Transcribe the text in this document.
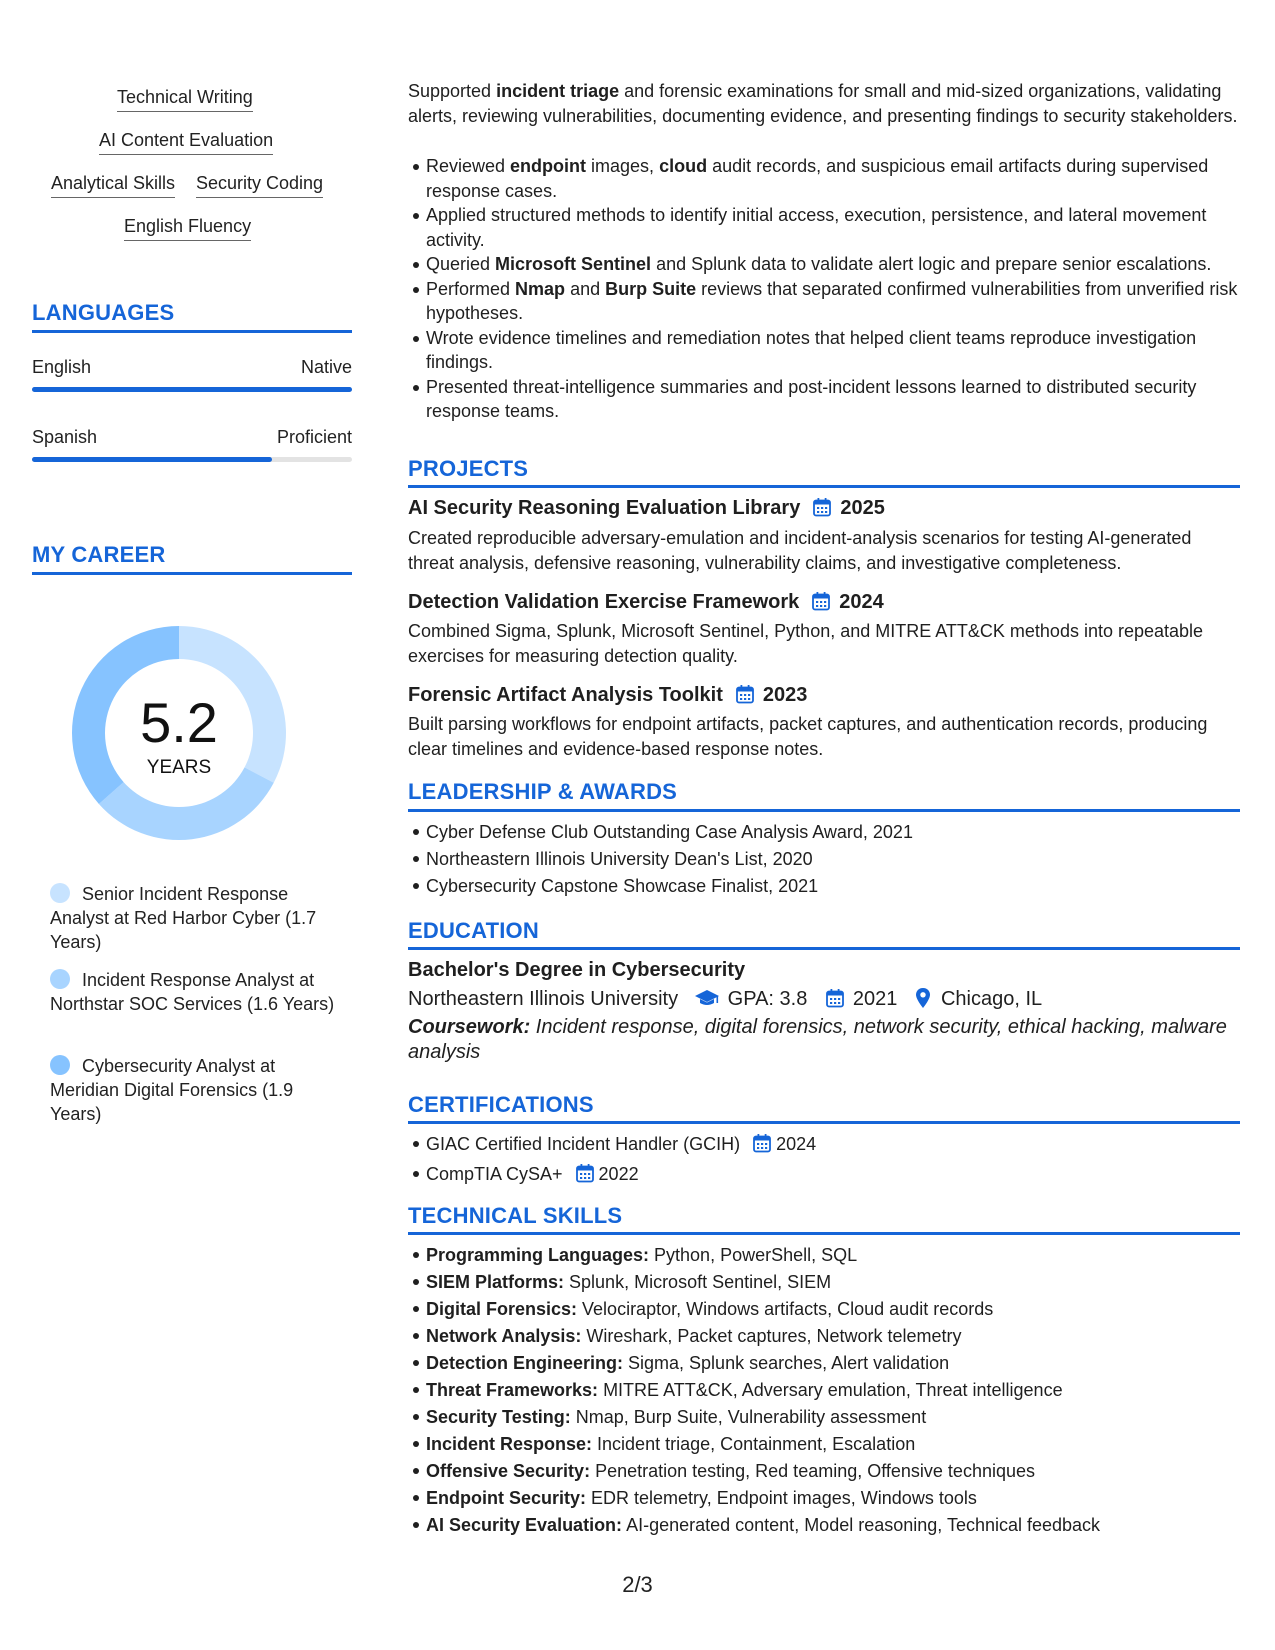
Technical Writing
AI Content Evaluation
Analytical Skills Security Coding
English Fluency
LANGUAGES
English	Native
Spanish	Proficient
MY CAREER
5.2
YEARS
Senior Incident Response Analyst at Red Harbor Cyber (1.7 Years)
Incident Response Analyst at Northstar SOC Services (1.6 Years)
Cybersecurity Analyst at Meridian Digital Forensics (1.9 Years)
Supported incident triage and forensic examinations for small and mid-sized organizations, validating alerts, reviewing vulnerabilities, documenting evidence, and presenting findings to security stakeholders.
Reviewed endpoint images, cloud audit records, and suspicious email artifacts during supervised response cases.
Applied structured methods to identify initial access, execution, persistence, and lateral movement activity.
Queried Microsoft Sentinel and Splunk data to validate alert logic and prepare senior escalations.
Performed Nmap and Burp Suite reviews that separated confirmed vulnerabilities from unverified risk hypotheses.
Wrote evidence timelines and remediation notes that helped client teams reproduce investigation findings.
Presented threat-intelligence summaries and post-incident lessons learned to distributed security response teams.
PROJECTS
AI Security Reasoning Evaluation Library 2025
Created reproducible adversary-emulation and incident-analysis scenarios for testing AI-generated threat analysis, defensive reasoning, vulnerability claims, and investigative completeness.
Detection Validation Exercise Framework 2024
Combined Sigma, Splunk, Microsoft Sentinel, Python, and MITRE ATT&CK methods into repeatable exercises for measuring detection quality.
Forensic Artifact Analysis Toolkit 2023
Built parsing workflows for endpoint artifacts, packet captures, and authentication records, producing clear timelines and evidence-based response notes.
LEADERSHIP & AWARDS
Cyber Defense Club Outstanding Case Analysis Award, 2021
Northeastern Illinois University Dean's List, 2020
Cybersecurity Capstone Showcase Finalist, 2021
EDUCATION
Bachelor's Degree in Cybersecurity
Northeastern Illinois University GPA: 3.8 2021 Chicago, IL
Coursework: Incident response, digital forensics, network security, ethical hacking, malware analysis
CERTIFICATIONS
GIAC Certified Incident Handler (GCIH) 2024
CompTIA CySA+ 2022
TECHNICAL SKILLS
Programming Languages: Python, PowerShell, SQL
SIEM Platforms: Splunk, Microsoft Sentinel, SIEM
Digital Forensics: Velociraptor, Windows artifacts, Cloud audit records
Network Analysis: Wireshark, Packet captures, Network telemetry
Detection Engineering: Sigma, Splunk searches, Alert validation
Threat Frameworks: MITRE ATT&CK, Adversary emulation, Threat intelligence
Security Testing: Nmap, Burp Suite, Vulnerability assessment
Incident Response: Incident triage, Containment, Escalation
Offensive Security: Penetration testing, Red teaming, Offensive techniques
Endpoint Security: EDR telemetry, Endpoint images, Windows tools
AI Security Evaluation: AI-generated content, Model reasoning, Technical feedback
2/3
